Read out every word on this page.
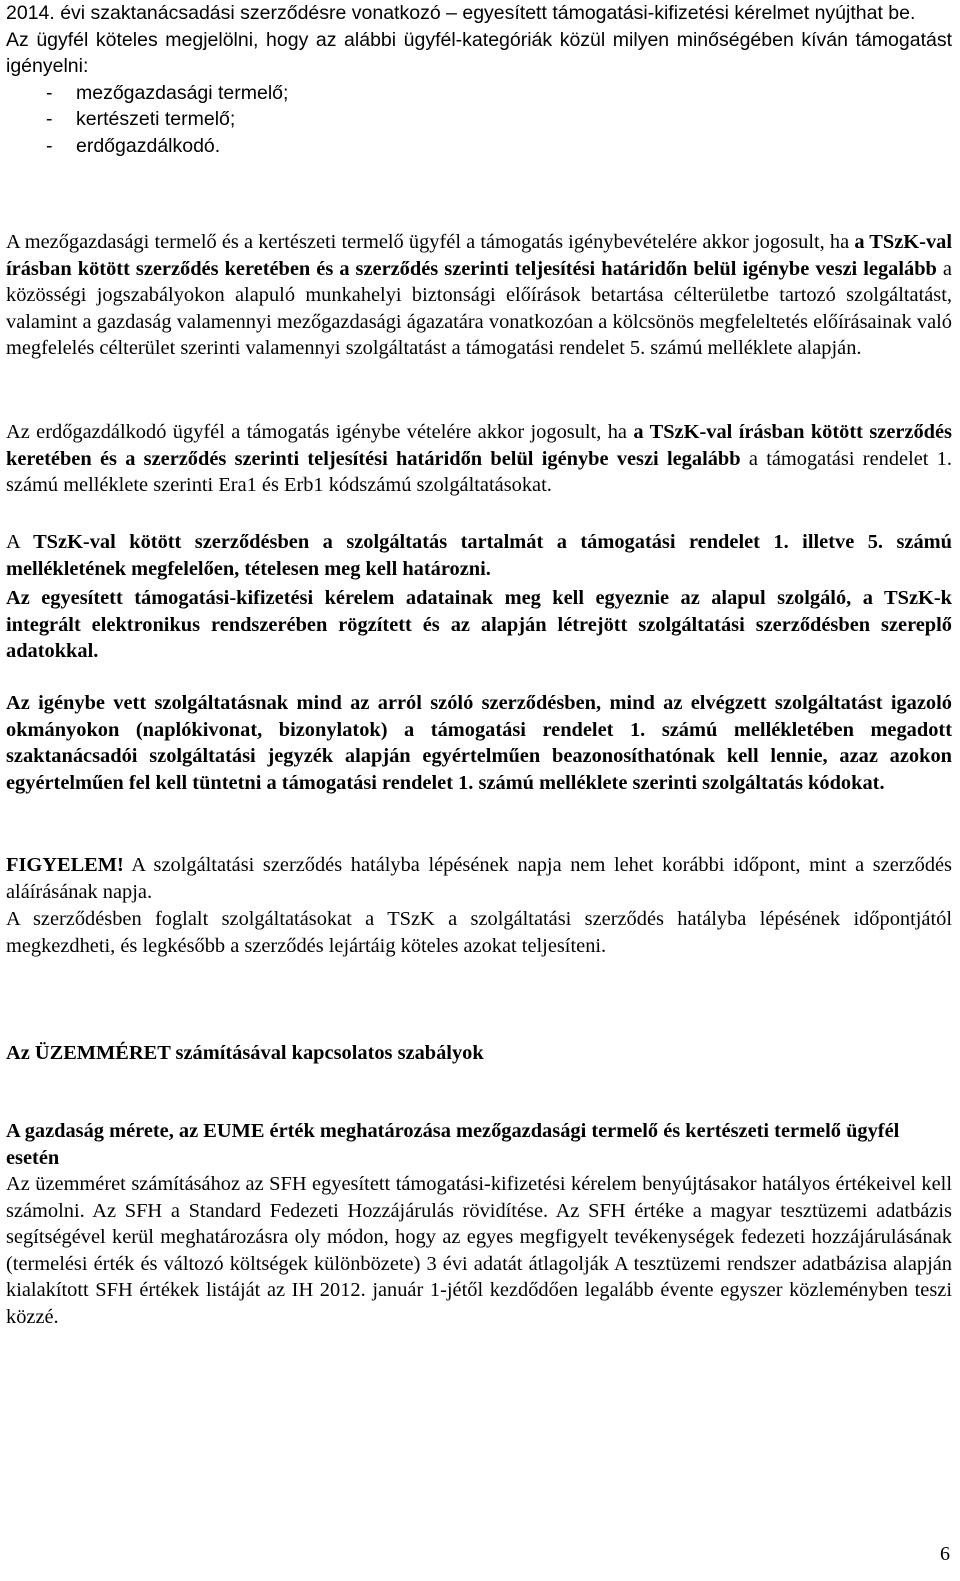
2014. évi szaktanácsadási szerződésre vonatkozó – egyesített támogatási-kifizetési kérelmet nyújthat be.

Az ügyfél köteles megjelölni, hogy az alábbi ügyfél-kategóriák közül milyen minőségében kíván támogatást igényelni:

- mezőgazdasági termelő;
- kertészeti termelő;
- erdőgazdálkodó.

A mezőgazdasági termelő és a kertészeti termelő ügyfél a támogatás igénybevételére akkor jogosult, ha a TSzK-val írásban kötött szerződés keretében és a szerződés szerinti teljesítési határidőn belül igénybe veszi legalább a közösségi jogszabályokon alapuló munkahelyi biztonsági előírások betartása célterületbe tartozó szolgáltatást, valamint a gazdaság valamennyi mezőgazdasági ágazatára vonatkozóan a kölcsönös megfeleltetés előírásainak való megfelelés célterület szerinti valamennyi szolgáltatást a támogatási rendelet 5. számú melléklete alapján.

Az erdőgazdálkodó ügyfél a támogatás igénybe vételére akkor jogosult, ha a TSzK-val írásban kötött szerződés keretében és a szerződés szerinti teljesítési határidőn belül igénybe veszi legalább a támogatási rendelet 1. számú melléklete szerinti Era1 és Erb1 kódszámú szolgáltatásokat.

A TSzK-val kötött szerződésben a szolgáltatás tartalmát a támogatási rendelet 1. illetve 5. számú mellékletének megfelelően, tételesen meg kell határozni.

Az egyesített támogatási-kifizetési kérelem adatainak meg kell egyeznie az alapul szolgáló, a TSzK-k integrált elektronikus rendszerében rögzített és az alapján létrejött szolgáltatási szerződésben szereplő adatokkal.

Az igénybe vett szolgáltatásnak mind az arról szóló szerződésben, mind az elvégzett szolgáltatást igazoló okmányokon (naplókivonat, bizonylatok) a támogatási rendelet 1. számú mellékletében megadott szaktanácsadói szolgáltatási jegyzék alapján egyértelműen beazonosíthatónak kell lennie, azaz azokon egyértelműen fel kell tüntetni a támogatási rendelet 1. számú melléklete szerinti szolgáltatás kódokat.

FIGYELEM! A szolgáltatási szerződés hatályba lépésének napja nem lehet korábbi időpont, mint a szerződés aláírásának napja.

A szerződésben foglalt szolgáltatásokat a TSzK a szolgáltatási szerződés hatályba lépésének időpontjától megkezdheti, és legkésőbb a szerződés lejártáig köteles azokat teljesíteni.

Az ÜZEMMÉRET számításával kapcsolatos szabályok

A gazdaság mérete, az EUME érték meghatározása mezőgazdasági termelő és kertészeti termelő ügyfél esetén

Az üzemméret számításához az SFH egyesített támogatási-kifizetési kérelem benyújtásakor hatályos értékeivel kell számolni. Az SFH a Standard Fedezeti Hozzájárulás rövidítése. Az SFH értéke a magyar tesztüzemi adatbázis segítségével kerül meghatározásra oly módon, hogy az egyes megfigyelt tevékenységek fedezeti hozzájárulásának (termelési érték és változó költségek különbözete) 3 évi adatát átlagolják A tesztüzemi rendszer adatbázisa alapján kialakított SFH értékek listáját az IH 2012. január 1-jétől kezdődően legalább évente egyszer közleményben teszi közzé.

6
